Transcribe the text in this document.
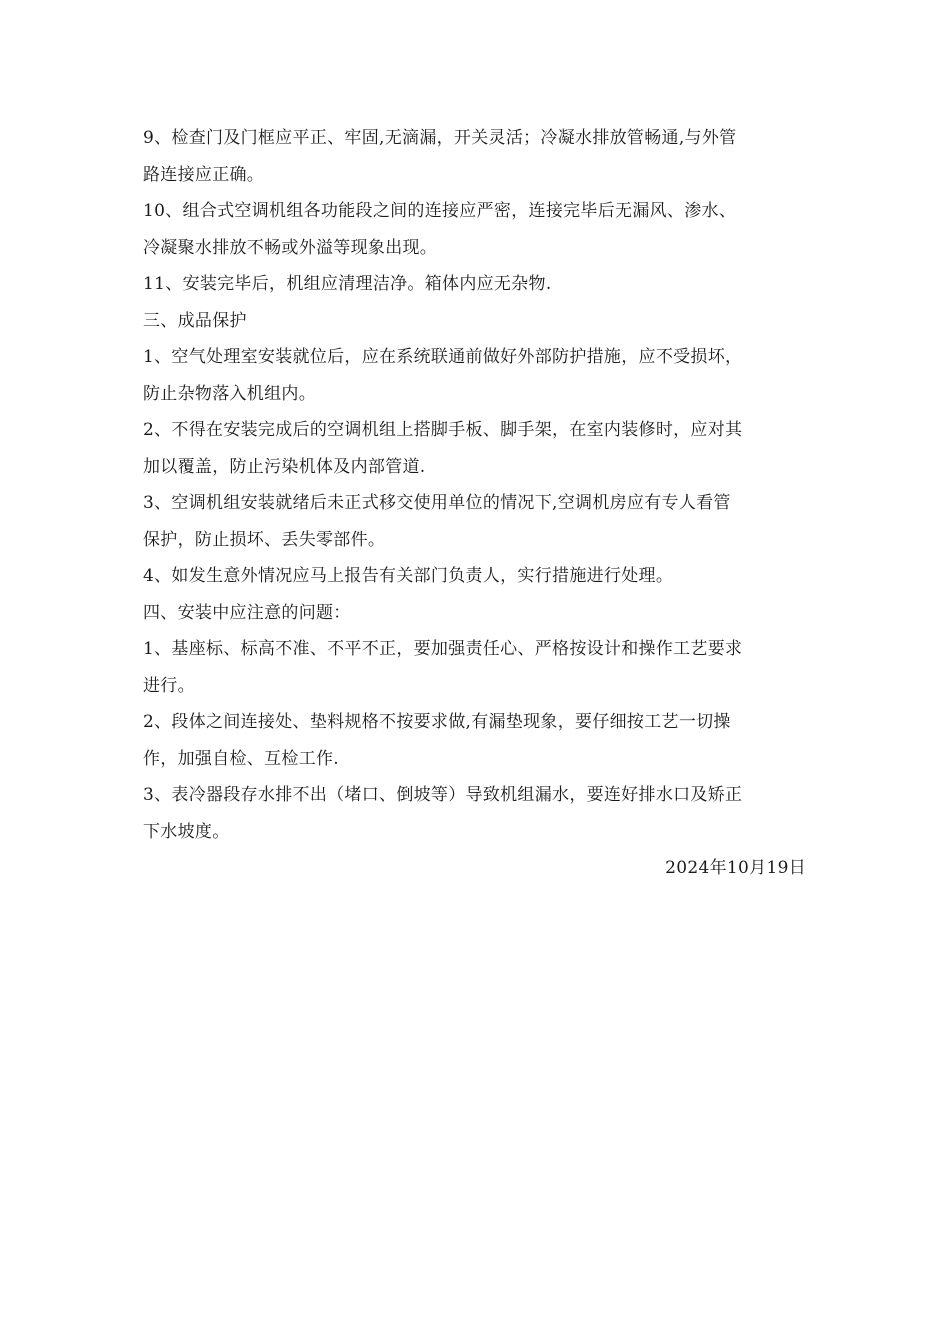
9、检查门及门框应平正、牢固,无滴漏，开关灵活；冷凝水排放管畅通,与外管
路连接应正确。
10、组合式空调机组各功能段之间的连接应严密，连接完毕后无漏风、渗水、
冷凝聚水排放不畅或外溢等现象出现。
11、安装完毕后，机组应清理洁净。箱体内应无杂物.
三、成品保护
1、空气处理室安装就位后，应在系统联通前做好外部防护措施，应不受损坏，
防止杂物落入机组内。
2、不得在安装完成后的空调机组上搭脚手板、脚手架，在室内装修时，应对其
加以覆盖，防止污染机体及内部管道.
3、空调机组安装就绪后未正式移交使用单位的情况下,空调机房应有专人看管
保护，防止损坏、丢失零部件。
4、如发生意外情况应马上报告有关部门负责人，实行措施进行处理。
四、安装中应注意的问题：
1、基座标、标高不准、不平不正，要加强责任心、严格按设计和操作工艺要求
进行。
2、段体之间连接处、垫料规格不按要求做,有漏垫现象，要仔细按工艺一切操
作，加强自检、互检工作.
3、表冷器段存水排不出（堵口、倒坡等）导致机组漏水，要连好排水口及矫正
下水坡度。
2024年10月19日
